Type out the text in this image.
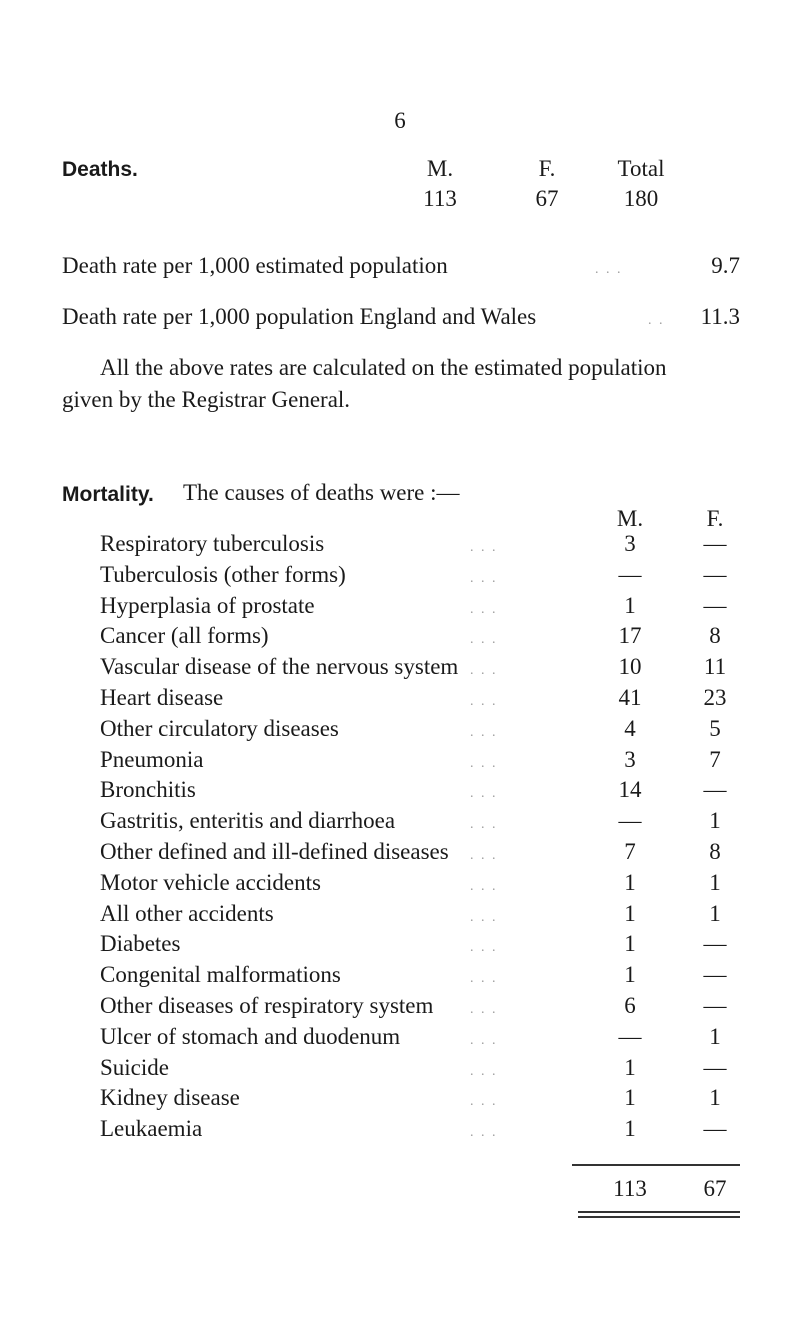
6
Deaths.	M.	F.	Total
113	67	180
Death rate per 1,000 estimated population	. . .	9.7
Death rate per 1,000 population England and Wales	. .	11.3
All the above rates are calculated on the estimated population
given by the Registrar General.
Mortality. The causes of deaths were :—
M.	F.
Respiratory tuberculosis	. . .	3	—
Tuberculosis (other forms)	. . .	—	—
Hyperplasia of prostate	. . .	1	—
Cancer (all forms)	. . .	17	8
Vascular disease of the nervous system . . .	10	11
Heart disease	. . .	41	23
Other circulatory diseases	. . .	4	5
Pneumonia	. . .	3	7
Bronchitis	. . .	14	—
Gastritis, enteritis and diarrhoea	. . .	—	1
Other defined and ill-defined diseases . . .	7	8
Motor vehicle accidents	. . .	1	1
All other accidents	. . .	1	1
Diabetes	. . .	1	—
Congenital malformations	. . .	1	—
Other diseases of respiratory system	. . .	6	—
Ulcer of stomach and duodenum	. . .	—	1
Suicide	. . .	1	—
Kidney disease	. . .	1	1
Leukaemia	. . .	1	—
113	67
